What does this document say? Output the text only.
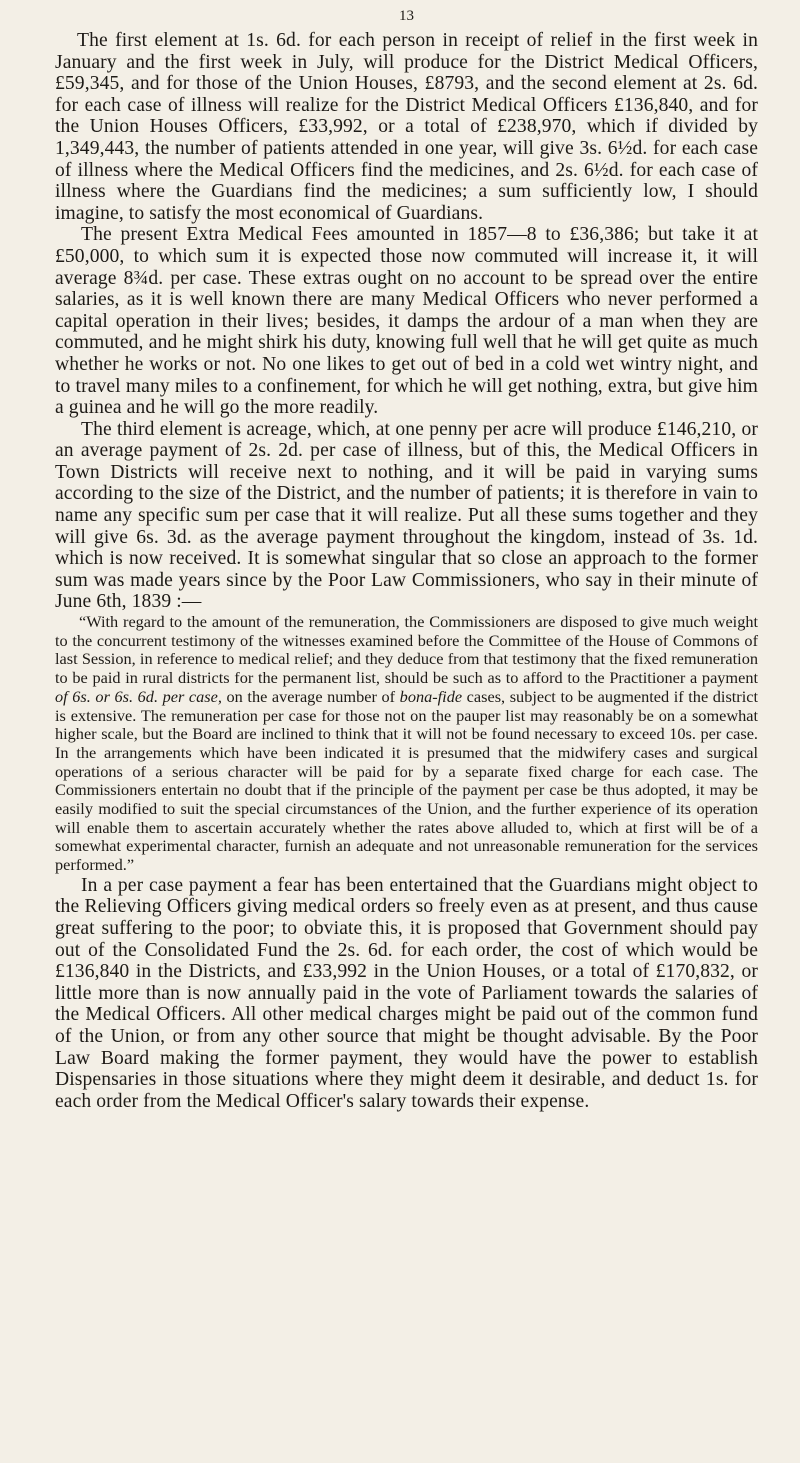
13

The first element at 1s. 6d. for each person in receipt of relief in the first week in January and the first week in July, will produce for the District Medical Officers, £59,345, and for those of the Union Houses, £8793, and the second element at 2s. 6d. for each case of illness will realize for the District Medical Officers £136,840, and for the Union Houses Officers, £33,992, or a total of £238,970, which if divided by 1,349,443, the number of patients attended in one year, will give 3s. 6½d. for each case of illness where the Medical Officers find the medicines, and 2s. 6½d. for each case of illness where the Guardians find the medicines; a sum sufficiently low, I should imagine, to satisfy the most economical of Guardians.

The present Extra Medical Fees amounted in 1857—8 to £36,386; but take it at £50,000, to which sum it is expected those now commuted will increase it, it will average 8¾d. per case. These extras ought on no account to be spread over the entire salaries, as it is well known there are many Medical Officers who never performed a capital operation in their lives; besides, it damps the ardour of a man when they are commuted, and he might shirk his duty, knowing full well that he will get quite as much whether he works or not. No one likes to get out of bed in a cold wet wintry night, and to travel many miles to a confinement, for which he will get nothing, extra, but give him a guinea and he will go the more readily.

The third element is acreage, which, at one penny per acre will produce £146,210, or an average payment of 2s. 2d. per case of illness, but of this, the Medical Officers in Town Districts will receive next to nothing, and it will be paid in varying sums according to the size of the District, and the number of patients; it is therefore in vain to name any specific sum per case that it will realize. Put all these sums together and they will give 6s. 3d. as the average payment throughout the kingdom, instead of 3s. 1d. which is now received. It is somewhat singular that so close an approach to the former sum was made years since by the Poor Law Commissioners, who say in their minute of June 6th, 1839 :—

“With regard to the amount of the remuneration, the Commissioners are disposed to give much weight to the concurrent testimony of the witnesses examined before the Committee of the House of Commons of last Session, in reference to medical relief; and they deduce from that testimony that the fixed remuneration to be paid in rural districts for the permanent list, should be such as to afford to the Practitioner a payment of 6s. or 6s. 6d. per case, on the average number of bona-fide cases, subject to be augmented if the district is extensive. The remuneration per case for those not on the pauper list may reasonably be on a somewhat higher scale, but the Board are inclined to think that it will not be found necessary to exceed 10s. per case. In the arrangements which have been indicated it is presumed that the midwifery cases and surgical operations of a serious character will be paid for by a separate fixed charge for each case. The Commissioners entertain no doubt that if the principle of the payment per case be thus adopted, it may be easily modified to suit the special circumstances of the Union, and the further experience of its operation will enable them to ascertain accurately whether the rates above alluded to, which at first will be of a somewhat experimental character, furnish an adequate and not unreasonable remuneration for the services performed.”

In a per case payment a fear has been entertained that the Guardians might object to the Relieving Officers giving medical orders so freely even as at present, and thus cause great suffering to the poor; to obviate this, it is proposed that Government should pay out of the Consolidated Fund the 2s. 6d. for each order, the cost of which would be £136,840 in the Districts, and £33,992 in the Union Houses, or a total of £170,832, or little more than is now annually paid in the vote of Parliament towards the salaries of the Medical Officers. All other medical charges might be paid out of the common fund of the Union, or from any other source that might be thought advisable. By the Poor Law Board making the former payment, they would have the power to establish Dispensaries in those situations where they might deem it desirable, and deduct 1s. for each order from the Medical Officer's salary towards their expense.
